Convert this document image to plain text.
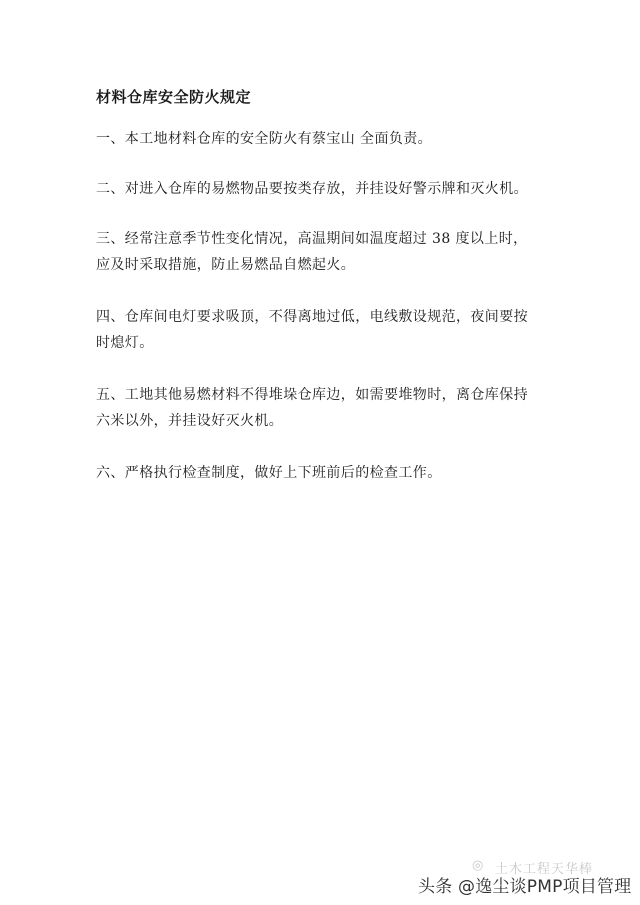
材料仓库安全防火规定
一、本工地材料仓库的安全防火有蔡宝山 全面负责。
二、对进入仓库的易燃物品要按类存放，并挂设好警示牌和灭火机。
三、经常注意季节性变化情况，高温期间如温度超过 38 度以上时，
应及时采取措施，防止易燃品自燃起火。
四、仓库间电灯要求吸顶，不得离地过低，电线敷设规范，夜间要按
时熄灯。
五、工地其他易燃材料不得堆垛仓库边，如需要堆物时，离仓库保持
六米以外，并挂设好灭火机。
六、严格执行检查制度，做好上下班前后的检查工作。
◎ 土木工程天华棒
头条 @逸尘谈PMP项目管理
